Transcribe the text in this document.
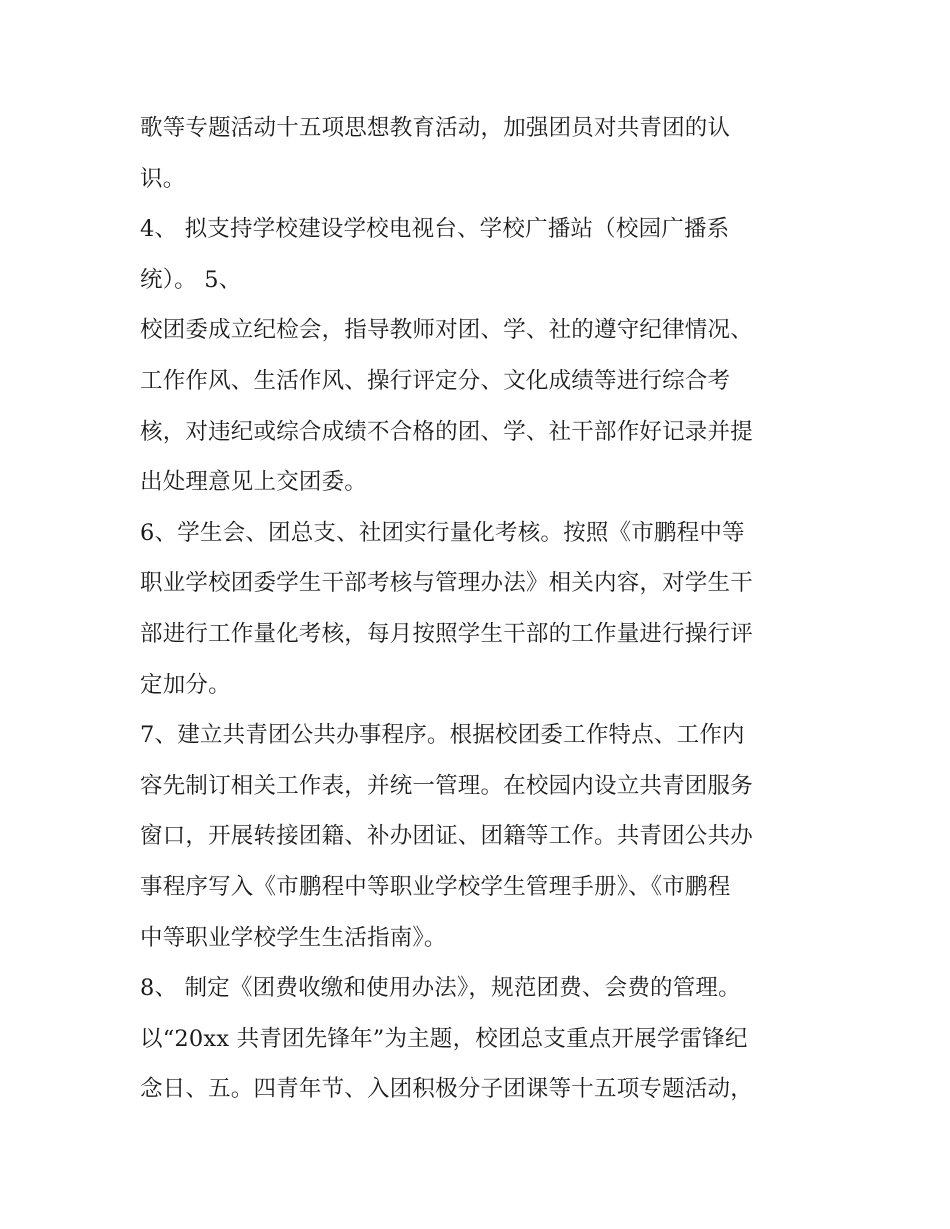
歌等专题活动十五项思想教育活动，加强团员对共青团的认
识。
4、 拟支持学校建设学校电视台、学校广播站（校园广播系
统）。 5、
校团委成立纪检会，指导教师对团、学、社的遵守纪律情况、
工作作风、生活作风、操行评定分、文化成绩等进行综合考
核，对违纪或综合成绩不合格的团、学、社干部作好记录并提
出处理意见上交团委。
6、学生会、团总支、社团实行量化考核。按照《市鹏程中等
职业学校团委学生干部考核与管理办法》相关内容，对学生干
部进行工作量化考核，每月按照学生干部的工作量进行操行评
定加分。
7、建立共青团公共办事程序。根据校团委工作特点、工作内
容先制订相关工作表，并统一管理。在校园内设立共青团服务
窗口，开展转接团籍、补办团证、团籍等工作。共青团公共办
事程序写入《市鹏程中等职业学校学生管理手册》、《市鹏程
中等职业学校学生生活指南》。
8、 制定《团费收缴和使用办法》，规范团费、会费的管理。
以“20xx 共青团先锋年”为主题，校团总支重点开展学雷锋纪
念日、五。四青年节、入团积极分子团课等十五项专题活动，
